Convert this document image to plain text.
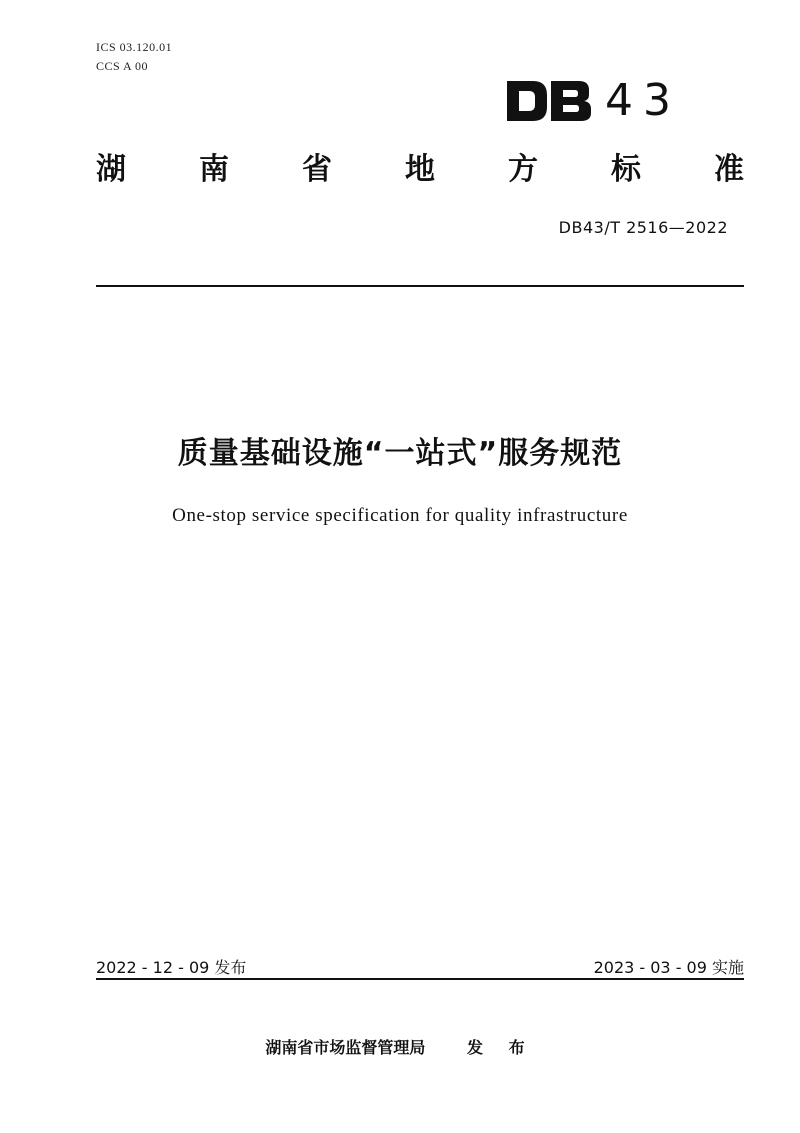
ICS 03.120.01
CCS A 00
43
湖 南 省 地 方 标 准
DB43/T 2516—2022
质量基础设施“一站式”服务规范
One-stop service specification for quality infrastructure
2022 - 12 - 09 发布	2023 - 03 - 09 实施
湖南省市场监督管理局	发 布
